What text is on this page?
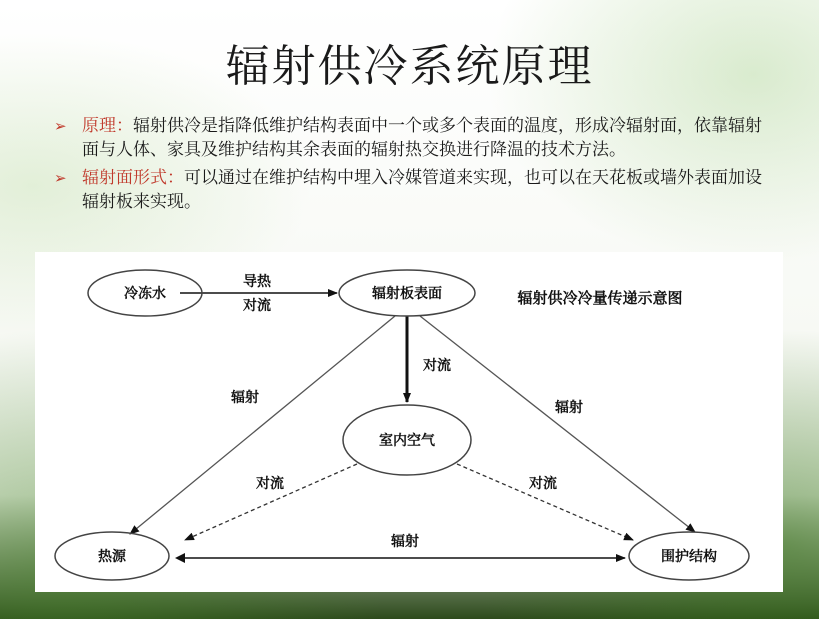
辐射供冷系统原理
➢ 原理：辐射供冷是指降低维护结构表面中一个或多个表面的温度，形成冷辐射面，依靠辐射面与人体、家具及维护结构其余表面的辐射热交换进行降温的技术方法。
➢ 辐射面形式：可以通过在维护结构中埋入冷媒管道来实现，也可以在天花板或墙外表面加设辐射板来实现。
冷冻水	辐射板表面
室内空气
热源	围护结构
导热
对流
对流
辐射
辐射
对流	对流
辐射
辐射供冷冷量传递示意图
